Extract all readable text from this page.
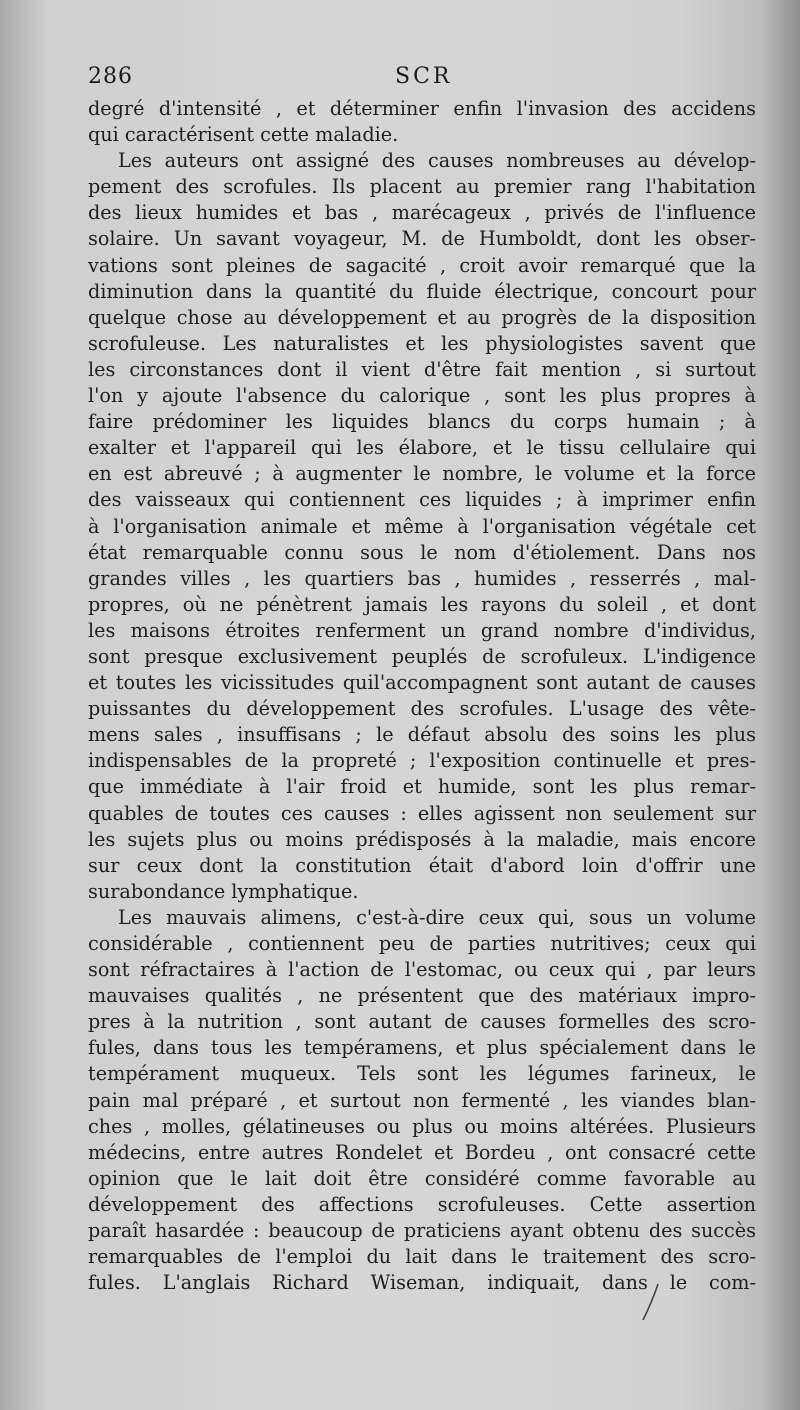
286	SCR
degré d'intensité , et déterminer enfin l'invasion des accidens
qui caractérisent cette maladie.
Les auteurs ont assigné des causes nombreuses au dévelop-
pement des scrofules. Ils placent au premier rang l'habitation
des lieux humides et bas , marécageux , privés de l'influence
solaire. Un savant voyageur, M. de Humboldt, dont les obser-
vations sont pleines de sagacité , croit avoir remarqué que la
diminution dans la quantité du fluide électrique, concourt pour
quelque chose au développement et au progrès de la disposition
scrofuleuse. Les naturalistes et les physiologistes savent que
les circonstances dont il vient d'être fait mention , si surtout
l'on y ajoute l'absence du calorique , sont les plus propres à
faire prédominer les liquides blancs du corps humain ; à
exalter et l'appareil qui les élabore, et le tissu cellulaire qui
en est abreuvé ; à augmenter le nombre, le volume et la force
des vaisseaux qui contiennent ces liquides ; à imprimer enfin
à l'organisation animale et même à l'organisation végétale cet
état remarquable connu sous le nom d'étiolement. Dans nos
grandes villes , les quartiers bas , humides , resserrés , mal-
propres, où ne pénètrent jamais les rayons du soleil , et dont
les maisons étroites renferment un grand nombre d'individus,
sont presque exclusivement peuplés de scrofuleux. L'indigence
et toutes les vicissitudes quil'accompagnent sont autant de causes
puissantes du développement des scrofules. L'usage des vête-
mens sales , insuffisans ; le défaut absolu des soins les plus
indispensables de la propreté ; l'exposition continuelle et pres-
que immédiate à l'air froid et humide, sont les plus remar-
quables de toutes ces causes : elles agissent non seulement sur
les sujets plus ou moins prédisposés à la maladie, mais encore
sur ceux dont la constitution était d'abord loin d'offrir une
surabondance lymphatique.
Les mauvais alimens, c'est-à-dire ceux qui, sous un volume
considérable , contiennent peu de parties nutritives; ceux qui
sont réfractaires à l'action de l'estomac, ou ceux qui , par leurs
mauvaises qualités , ne présentent que des matériaux impro-
pres à la nutrition , sont autant de causes formelles des scro-
fules, dans tous les tempéramens, et plus spécialement dans le
tempérament muqueux. Tels sont les légumes farineux, le
pain mal préparé , et surtout non fermenté , les viandes blan-
ches , molles, gélatineuses ou plus ou moins altérées. Plusieurs
médecins, entre autres Rondelet et Bordeu , ont consacré cette
opinion que le lait doit être considéré comme favorable au
développement des affections scrofuleuses. Cette assertion
paraît hasardée : beaucoup de praticiens ayant obtenu des succès
remarquables de l'emploi du lait dans le traitement des scro-
fules. L'anglais Richard Wiseman, indiquait, dans le com-
